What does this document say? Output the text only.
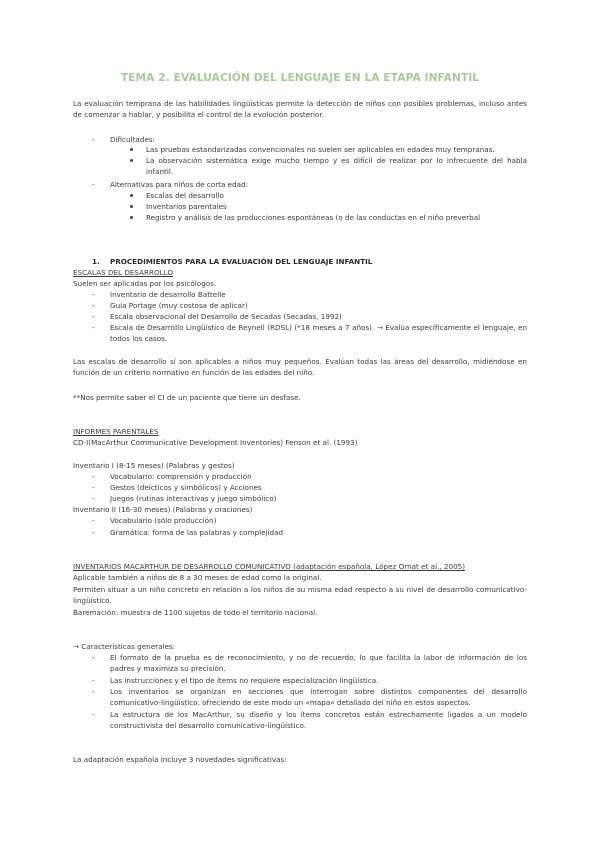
TEMA 2. EVALUACIÓN DEL LENGUAJE EN LA ETAPA INFANTIL
La evaluación temprana de las habilidades lingüísticas permite la detección de niños con posibles problemas, incluso antes de comenzar a hablar, y posibilita el control de la evolución posterior.
- Dificultades:
Las pruebas estandarizadas convencionales no suelen ser aplicables en edades muy tempranas.
La observación sistemática exige mucho tiempo y es difícil de realizar por lo infrecuente del habla infantil.
- Alternativas para niños de corta edad:
Escalas del desarrollo
Inventarios parentales
Registro y análisis de las producciones espontáneas (o de las conductas en el niño preverbal
1. PROCEDIMIENTOS PARA LA EVALUACIÓN DEL LENGUAJE INFANTIL
ESCALAS DEL DESARROLLO
Suelen ser aplicadas por los psicólogos.
- Inventario de desarrollo Battelle
- Guía Portage (muy costosa de aplicar)
- Escala observacional del Desarrollo de Secadas (Secadas, 1992)
- Escala de Desarrollo Lingüístico de Reynell (RDSL) (*18 meses a 7 años). → Evalúa específicamente el lenguaje, en todos los casos.
Las escalas de desarrollo sí son aplicables a niños muy pequeños. Evalúan todas las áreas del desarrollo, midiéndose en función de un criterio normativo en función de las edades del niño.
**Nos permite saber el CI de un paciente que tiene un desfase.
INFORMES PARENTALES
CD-I(MacArthur Communicative Development Inventories) Fenson et al. (1993)
Inventario I (8-15 meses) (Palabras y gestos)
- Vocabulario: comprensión y producción
- Gestos (deícticos y simbólicos) y Acciones
- Juegos (rutinas interactivas y juego simbólico)
Inventario II (16-30 meses) (Palabras y oraciones)
- Vocabulario (sólo producción)
- Gramática: forma de las palabras y complejidad
INVENTARIOS MACARTHUR DE DESARROLLO COMUNICATIVO (adaptación española, López Ornat et al., 2005)
Aplicable también a niños de 8 a 30 meses de edad como la original.
Permiten situar a un niño concreto en relación a los niños de su misma edad respecto a su nivel de desarrollo comunicativo-lingüístico.
Baremación: muestra de 1100 sujetos de todo el territorio nacional.
→ Características generales:
- El formato de la prueba es de reconocimiento, y no de recuerdo, lo que facilita la labor de información de los padres y maximiza su precisión.
- Las instrucciones y el tipo de ítems no requiere especialización lingüística.
- Los inventarios se organizan en secciones que interrogan sobre distintos componentes del desarrollo comunicativo-lingüístico, ofreciendo de este modo un «mapa» detallado del niño en estos aspectos.
- La estructura de los MacArthur, su diseño y los ítems concretos están estrechamente ligados a un modelo constructivista del desarrollo comunicativo-lingüístico.
La adaptación española incluye 3 novedades significativas:
